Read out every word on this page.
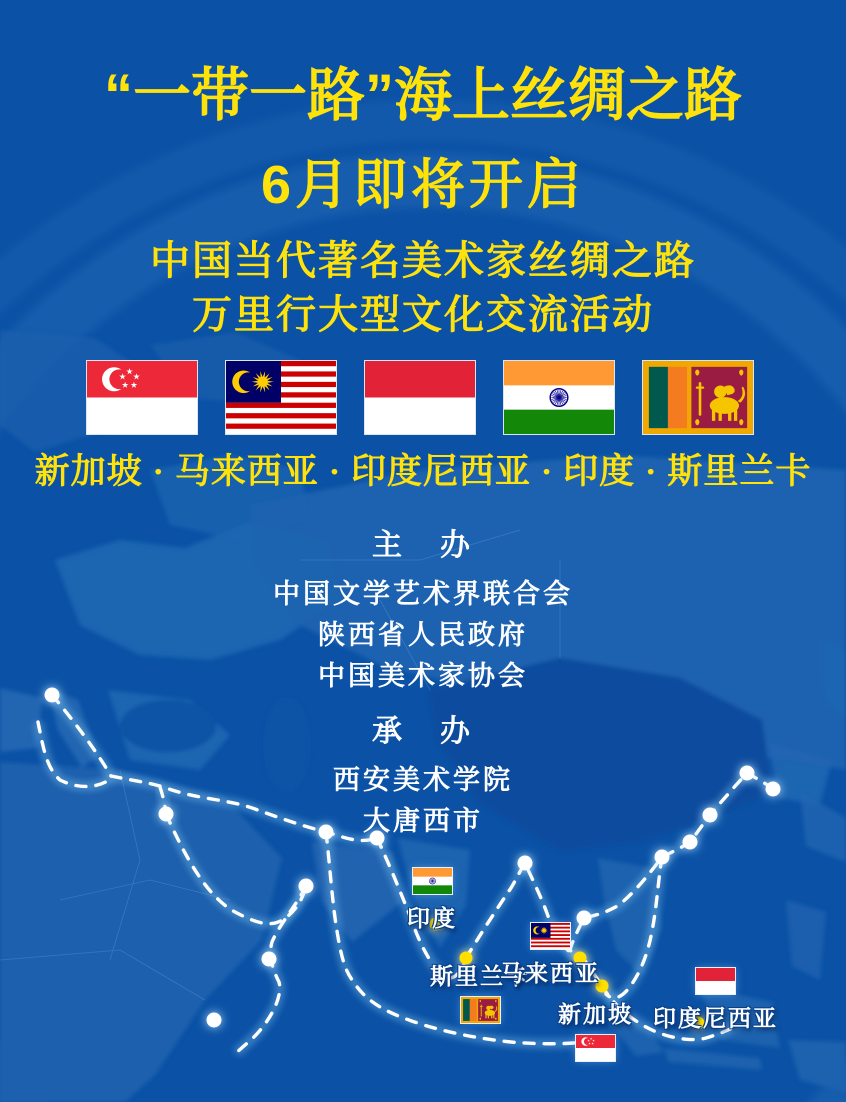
“一带一路”海上丝绸之路
6月即将开启
中国当代著名美术家丝绸之路
万里行大型文化交流活动
新加坡 · 马来西亚 · 印度尼西亚 · 印度 · 斯里兰卡
主　办
中国文学艺术界联合会
陕西省人民政府
中国美术家协会
承　办
西安美术学院
大唐西市
印度
斯里兰卡
马来西亚
新加坡 印度尼西亚
